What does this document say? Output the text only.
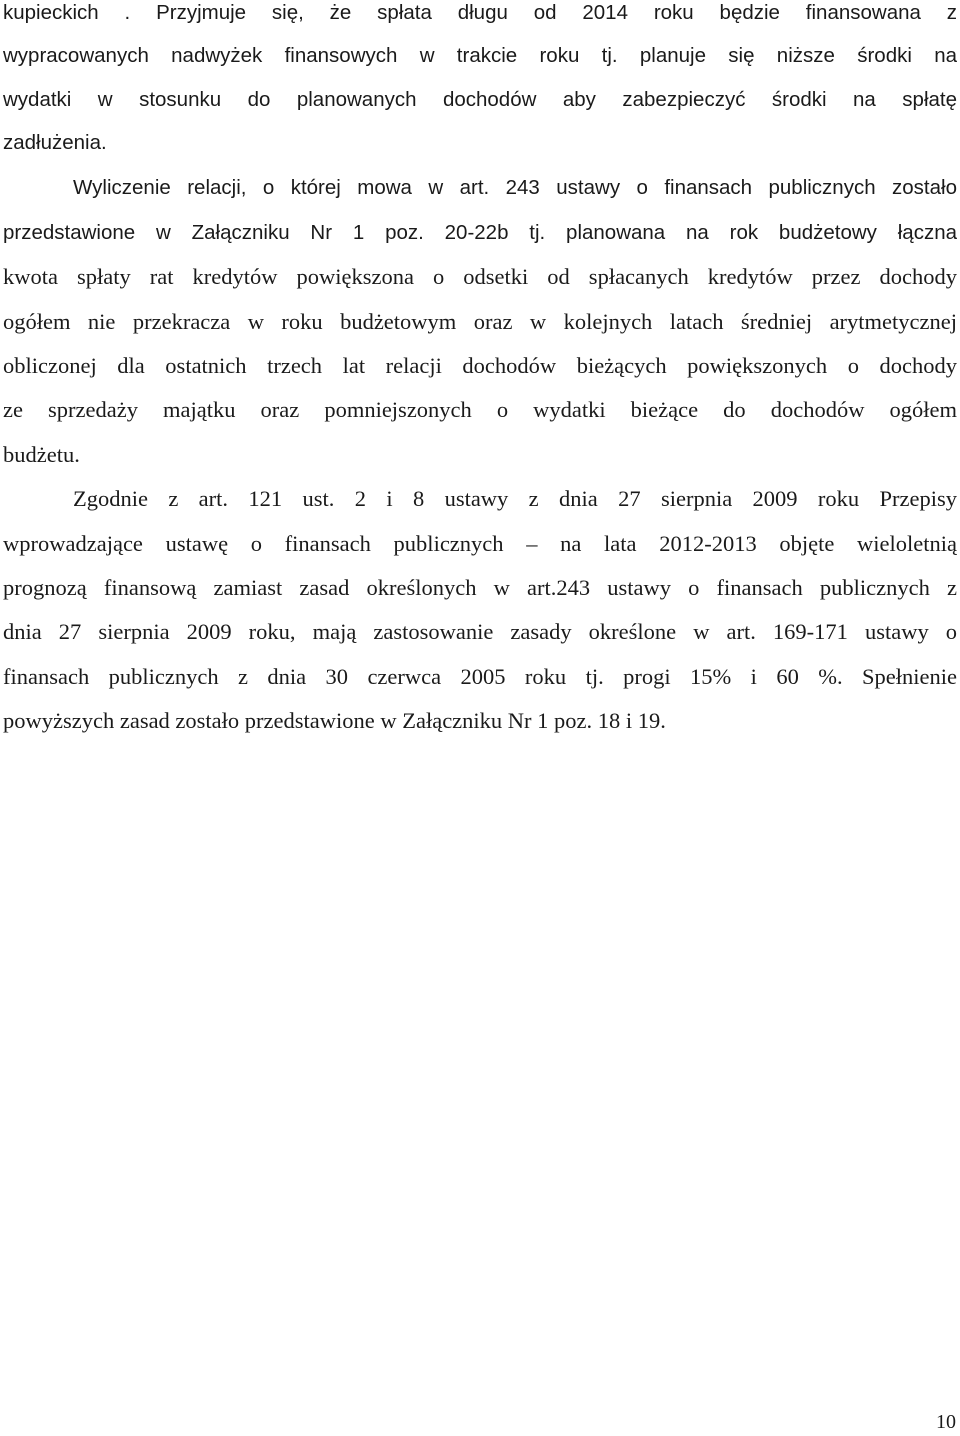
kupieckich . Przyjmuje się, że spłata długu od 2014 roku będzie finansowana z
wypracowanych nadwyżek finansowych w trakcie roku tj. planuje się niższe środki na
wydatki w stosunku do planowanych dochodów aby zabezpieczyć środki na spłatę
zadłużenia.
Wyliczenie relacji, o której mowa w art. 243 ustawy o finansach publicznych zostało
przedstawione w Załączniku Nr 1 poz. 20-22b tj. planowana na rok budżetowy łączna
kwota spłaty rat kredytów powiększona o odsetki od spłacanych kredytów przez dochody
ogółem nie przekracza w roku budżetowym oraz w kolejnych latach średniej arytmetycznej
obliczonej dla ostatnich trzech lat relacji dochodów bieżących powiększonych o dochody
ze sprzedaży majątku oraz pomniejszonych o wydatki bieżące do dochodów ogółem
budżetu.
Zgodnie z art. 121 ust. 2 i 8 ustawy z dnia 27 sierpnia 2009 roku Przepisy
wprowadzające ustawę o finansach publicznych – na lata 2012-2013 objęte wieloletnią
prognozą finansową zamiast zasad określonych w art.243 ustawy o finansach publicznych z
dnia 27 sierpnia 2009 roku, mają zastosowanie zasady określone w art. 169-171 ustawy o
finansach publicznych z dnia 30 czerwca 2005 roku tj. progi 15% i 60 %. Spełnienie
powyższych zasad zostało przedstawione w Załączniku Nr 1 poz. 18 i 19.
10
